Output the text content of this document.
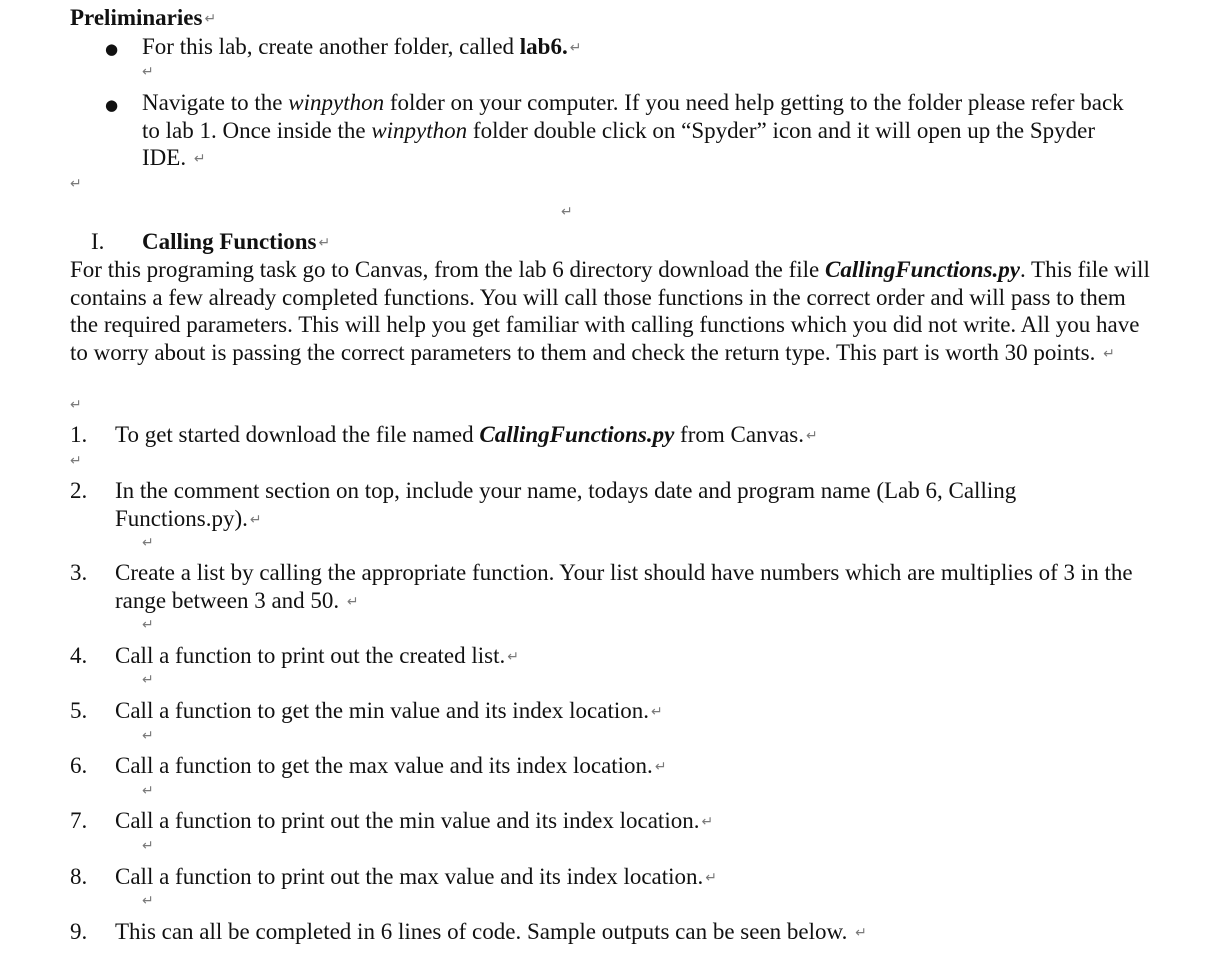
Preliminaries ↵
● For this lab, create another folder, called lab6. ↵
↵
● Navigate to the winpython folder on your computer. If you need help getting to the folder please refer back to lab 1. Once inside the winpython folder double click on “Spyder” icon and it will open up the Spyder IDE. ↵
↵
↵
I. Calling Functions ↵
For this programing task go to Canvas, from the lab 6 directory download the file CallingFunctions.py. This file will contains a few already completed functions. You will call those functions in the correct order and will pass to them the required parameters. This will help you get familiar with calling functions which you did not write. All you have to worry about is passing the correct parameters to them and check the return type. This part is worth 30 points. ↵
↵
1. To get started download the file named CallingFunctions.py from Canvas. ↵
↵
2. In the comment section on top, include your name, todays date and program name (Lab 6, Calling Functions.py). ↵
↵
3. Create a list by calling the appropriate function. Your list should have numbers which are multiplies of 3 in the range between 3 and 50. ↵
↵
4. Call a function to print out the created list. ↵
↵
5. Call a function to get the min value and its index location. ↵
↵
6. Call a function to get the max value and its index location. ↵
↵
7. Call a function to print out the min value and its index location. ↵
↵
8. Call a function to print out the max value and its index location. ↵
↵
9. This can all be completed in 6 lines of code. Sample outputs can be seen below. ↵
